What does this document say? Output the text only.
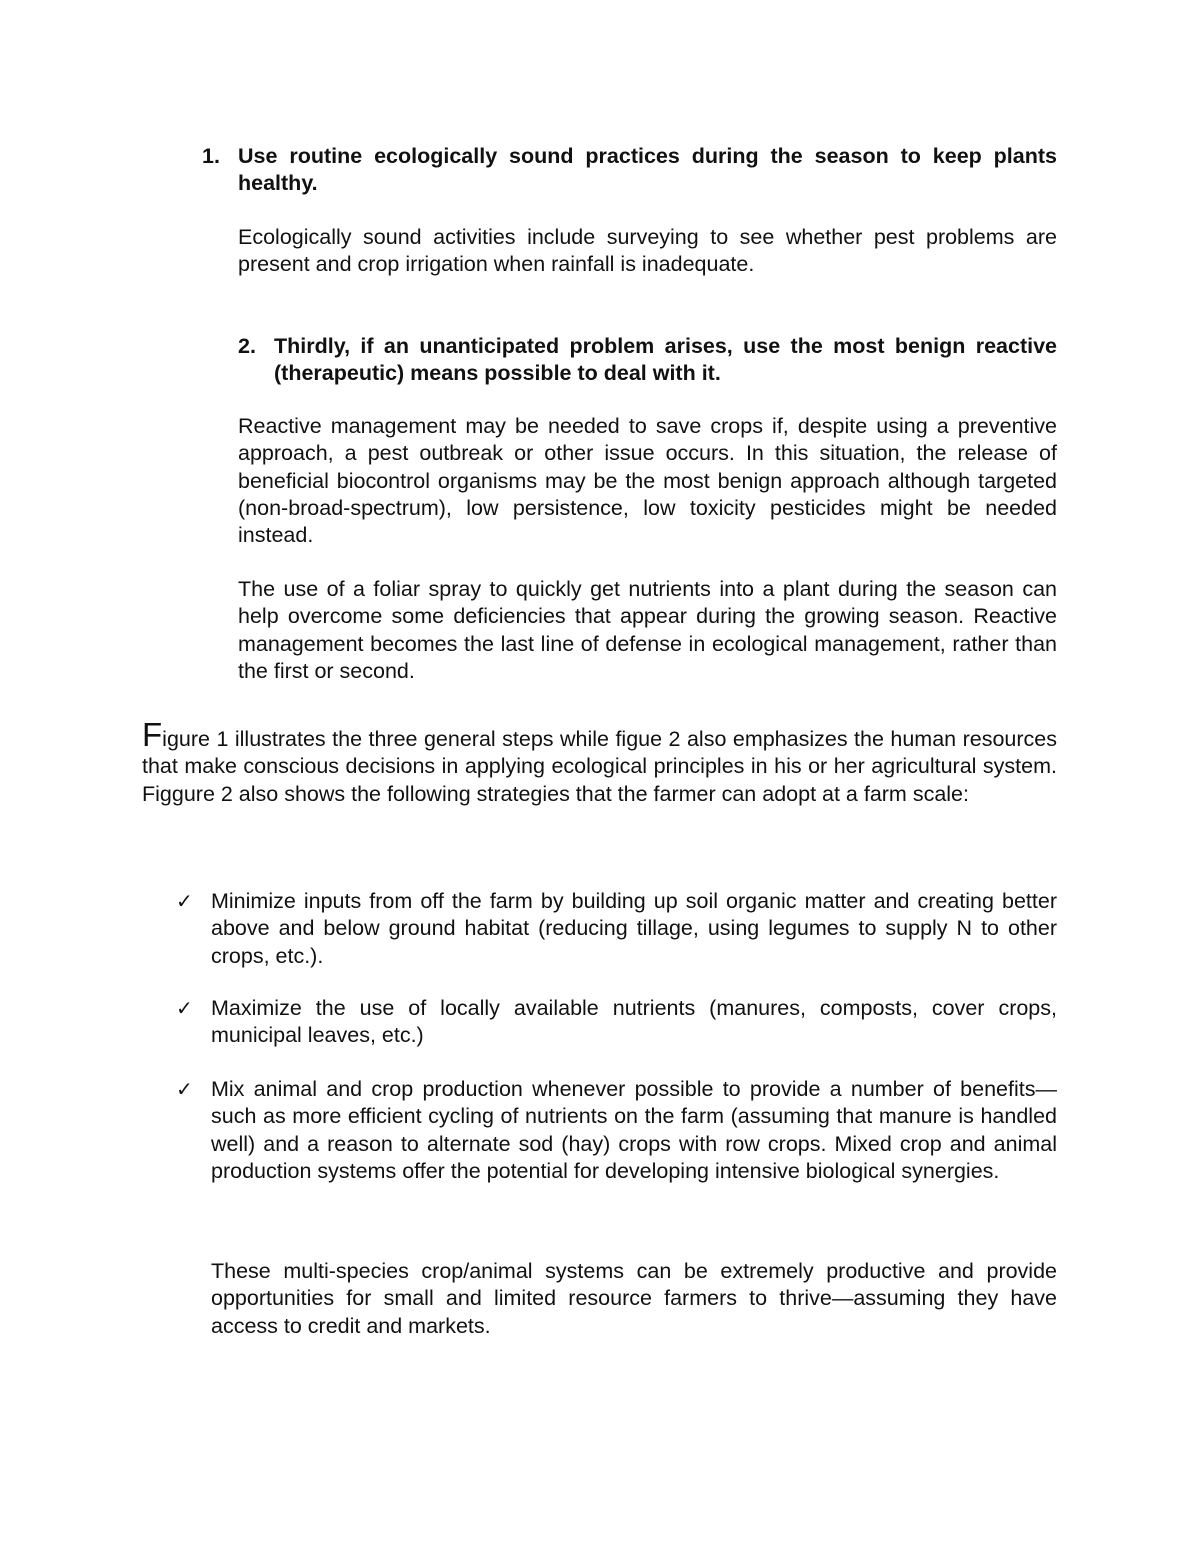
1. Use routine ecologically sound practices during the season to keep plants healthy.
Ecologically sound activities include surveying to see whether pest problems are present and crop irrigation when rainfall is inadequate.
2. Thirdly, if an unanticipated problem arises, use the most benign reactive (therapeutic) means possible to deal with it.
Reactive management may be needed to save crops if, despite using a preventive approach, a pest outbreak or other issue occurs. In this situation, the release of beneficial biocontrol organisms may be the most benign approach although targeted (non-broad-spectrum), low persistence, low toxicity pesticides might be needed instead.
The use of a foliar spray to quickly get nutrients into a plant during the season can help overcome some deficiencies that appear during the growing season. Reactive management becomes the last line of defense in ecological management, rather than the first or second.
Figure 1 illustrates the three general steps while figue 2 also emphasizes the human resources that make conscious decisions in applying ecological principles in his or her agricultural system. Figgure 2 also shows the following strategies that the farmer can adopt at a farm scale:
✓ Minimize inputs from off the farm by building up soil organic matter and creating better above and below ground habitat (reducing tillage, using legumes to supply N to other crops, etc.).
✓ Maximize the use of locally available nutrients (manures, composts, cover crops, municipal leaves, etc.)
✓ Mix animal and crop production whenever possible to provide a number of benefits—such as more efficient cycling of nutrients on the farm (assuming that manure is handled well) and a reason to alternate sod (hay) crops with row crops. Mixed crop and animal production systems offer the potential for developing intensive biological synergies.
These multi-species crop/animal systems can be extremely productive and provide opportunities for small and limited resource farmers to thrive—assuming they have access to credit and markets.
